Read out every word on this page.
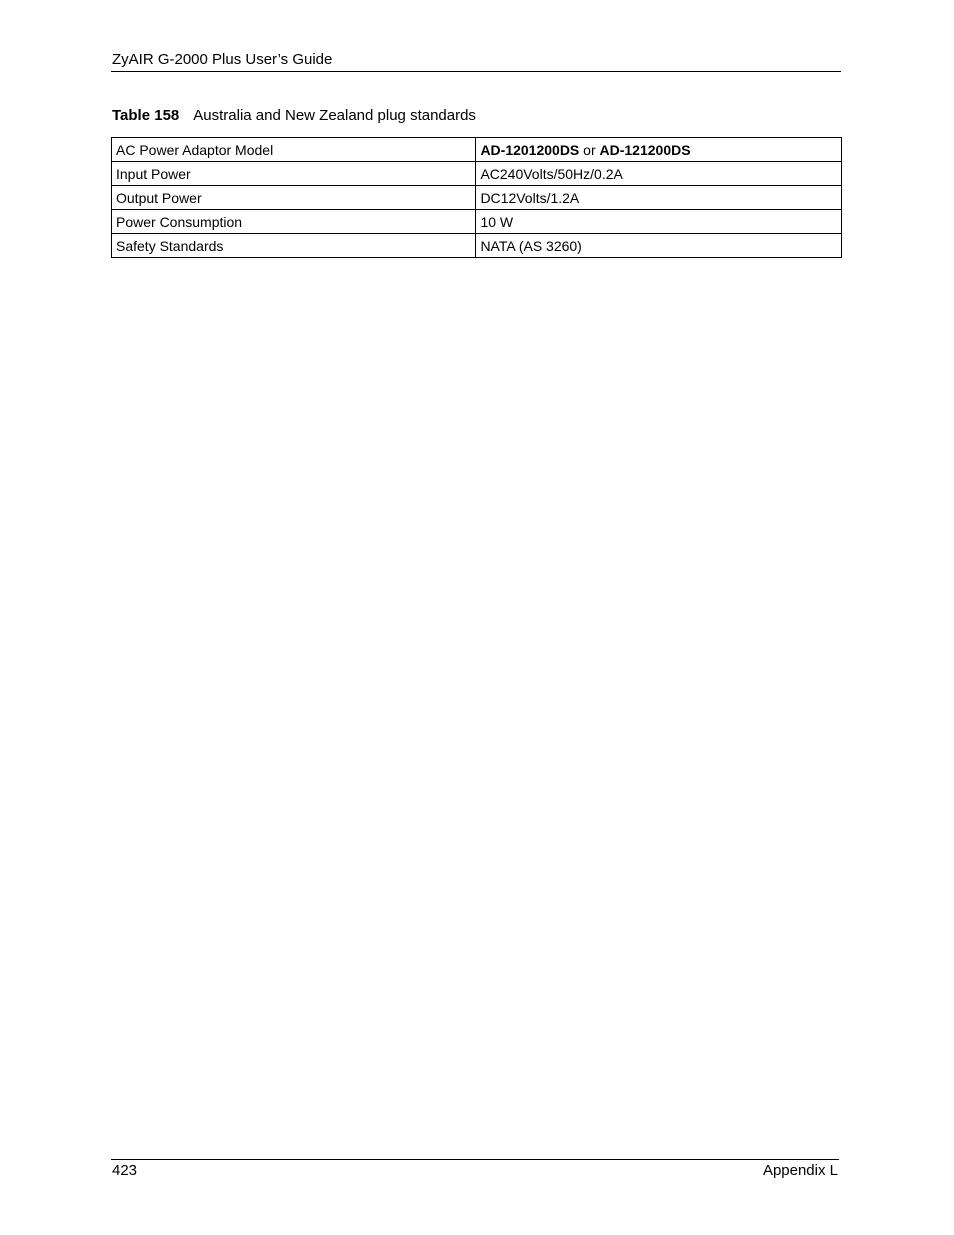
ZyAIR G-2000 Plus User’s Guide
Table 158 Australia and New Zealand plug standards
AC Power Adaptor Model	AD-1201200DS or AD-121200DS
Input Power	AC240Volts/50Hz/0.2A
Output Power	DC12Volts/1.2A
Power Consumption	10 W
Safety Standards	NATA (AS 3260)
423	Appendix L
